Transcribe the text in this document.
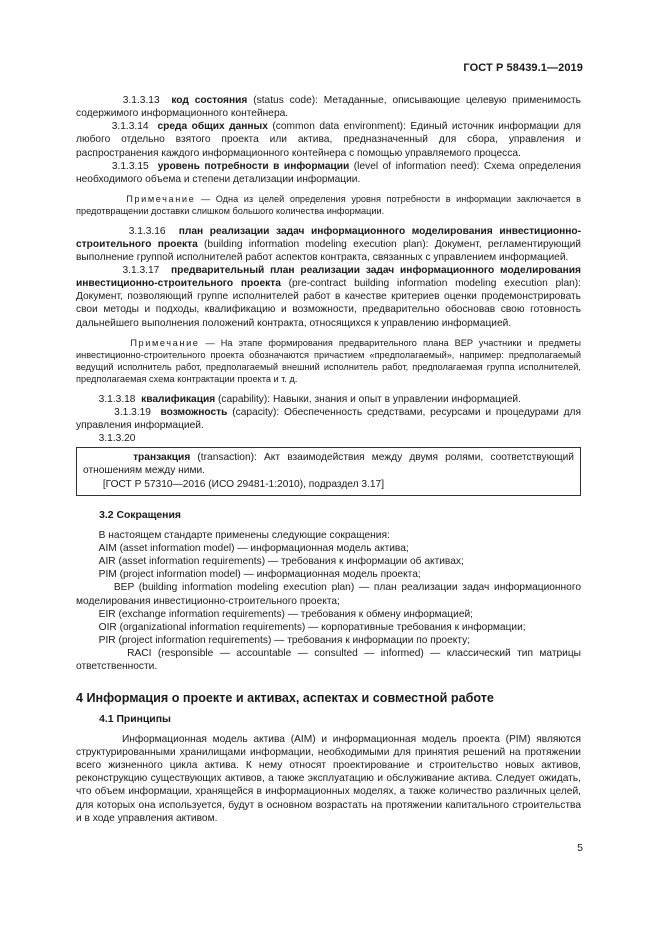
ГОСТ Р 58439.1—2019

3.1.3.13 код состояния (status code): Метаданные, описывающие целевую применимость содержимого информационного контейнера.

3.1.3.14 среда общих данных (common data environment): Единый источник информации для любого отдельно взятого проекта или актива, предназначенный для сбора, управления и распространения каждого информационного контейнера с помощью управляемого процесса.

3.1.3.15 уровень потребности в информации (level of information need): Схема определения необходимого объема и степени детализации информации.

Примечание — Одна из целей определения уровня потребности в информации заключается в предотвращении доставки слишком большого количества информации.

3.1.3.16 план реализации задач информационного моделирования инвестиционно-строительного проекта (building information modeling execution plan): Документ, регламентирующий выполнение группой исполнителей работ аспектов контракта, связанных с управлением информацией.

3.1.3.17 предварительный план реализации задач информационного моделирования инвестиционно-строительного проекта (pre-contract building information modeling execution plan): Документ, позволяющий группе исполнителей работ в качестве критериев оценки продемонстрировать свои методы и подходы, квалификацию и возможности, предварительно обосновав свою готовность дальнейшего выполнения положений контракта, относящихся к управлению информацией.

Примечание — На этапе формирования предварительного плана BEP участники и предметы инвестиционно-строительного проекта обозначаются причастием «предполагаемый», например: предполагаемый ведущий исполнитель работ, предполагаемый внешний исполнитель работ, предполагаемая группа исполнителей, предполагаемая схема контрактации проекта и т. д.

3.1.3.18 квалификация (capability): Навыки, знания и опыт в управлении информацией.

3.1.3.19 возможность (capacity): Обеспеченность средствами, ресурсами и процедурами для управления информацией.

3.1.3.20

транзакция (transaction): Акт взаимодействия между двумя ролями, соответствующий отношениям между ними.

[ГОСТ Р 57310—2016 (ИСО 29481-1:2010), подраздел 3.17]

3.2 Сокращения

В настоящем стандарте применены следующие сокращения:

AIM (asset information model) — информационная модель актива;

AIR (asset information requirements) — требования к информации об активах;

PIM (project information model) — информационная модель проекта;

BEP (building information modeling execution plan) — план реализации задач информационного моделирования инвестиционно-строительного проекта;

EIR (exchange information requirements) — требования к обмену информацией;

OIR (organizational information requirements) — корпоративные требования к информации;

PIR (project information requirements) — требования к информации по проекту;

RACI (responsible — accountable — consulted — informed) — классический тип матрицы ответственности.

4 Информация о проекте и активах, аспектах и совместной работе
4.1 Принципы

Информационная модель актива (AIM) и информационная модель проекта (PIM) являются структурированными хранилищами информации, необходимыми для принятия решений на протяжении всего жизненного цикла актива. К нему относят проектирование и строительство новых активов, реконструкцию существующих активов, а также эксплуатацию и обслуживание актива. Следует ожидать, что объем информации, хранящейся в информационных моделях, а также количество различных целей, для которых она используется, будут в основном возрастать на протяжении капитального строительства и в ходе управления активом.

5
